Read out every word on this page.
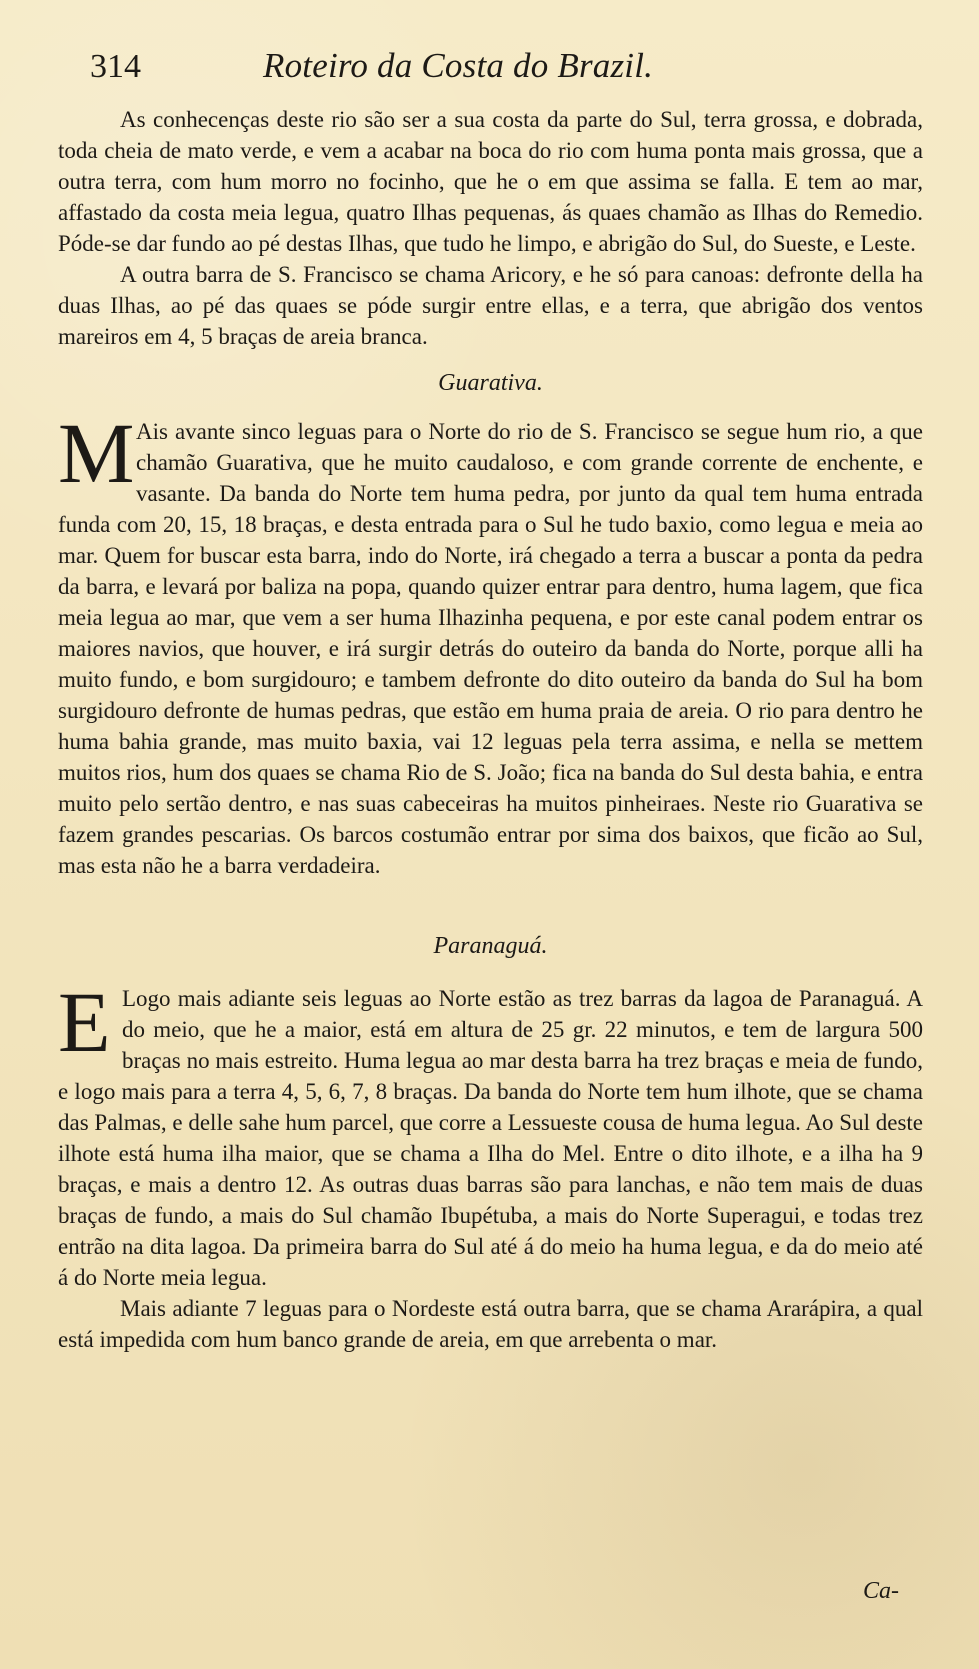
314	Roteiro da Costa do Brazil.

As conhecenças deste rio são ser a sua costa da parte do Sul, terra grossa, e dobrada, toda cheia de mato verde, e vem a acabar na boca do rio com huma ponta mais grossa, que a outra terra, com hum morro no focinho, que he o em que assima se falla. E tem ao mar, affastado da costa meia legua, quatro Ilhas pequenas, ás quaes chamão as Ilhas do Remedio. Póde-se dar fundo ao pé destas Ilhas, que tudo he limpo, e abrigão do Sul, do Sueste, e Leste.

A outra barra de S. Francisco se chama Aricory, e he só para canoas: defronte della ha duas Ilhas, ao pé das quaes se póde surgir entre ellas, e a terra, que abrigão dos ventos mareiros em 4, 5 braças de areia branca.

Guarativa.

M Ais avante sinco leguas para o Norte do rio de S. Francisco se segue hum rio, a que chamão Guarativa, que he muito caudaloso, e com grande corrente de enchente, e vasante. Da banda do Norte tem huma pedra, por junto da qual tem huma entrada funda com 20, 15, 18 braças, e desta entrada para o Sul he tudo baxio, como legua e meia ao mar. Quem for buscar esta barra, indo do Norte, irá chegado a terra a buscar a ponta da pedra da barra, e levará por baliza na popa, quando quizer entrar para dentro, huma lagem, que fica meia legua ao mar, que vem a ser huma Ilhazinha pequena, e por este canal podem entrar os maiores navios, que houver, e irá surgir detrás do outeiro da banda do Norte, porque alli ha muito fundo, e bom surgidouro; e tambem defronte do dito outeiro da banda do Sul ha bom surgidouro defronte de humas pedras, que estão em huma praia de areia. O rio para dentro he huma bahia grande, mas muito baxia, vai 12 leguas pela terra assima, e nella se mettem muitos rios, hum dos quaes se chama Rio de S. João; fica na banda do Sul desta bahia, e entra muito pelo sertão dentro, e nas suas cabeceiras ha muitos pinheiraes. Neste rio Guarativa se fazem grandes pescarias. Os barcos costumão entrar por sima dos baixos, que ficão ao Sul, mas esta não he a barra verdadeira.

Paranaguá.

E Logo mais adiante seis leguas ao Norte estão as trez barras da lagoa de Paranaguá. A do meio, que he a maior, está em altura de 25 gr. 22 minutos, e tem de largura 500 braças no mais estreito. Huma legua ao mar desta barra ha trez braças e meia de fundo, e logo mais para a terra 4, 5, 6, 7, 8 braças. Da banda do Norte tem hum ilhote, que se chama das Palmas, e delle sahe hum parcel, que corre a Lessueste cousa de huma legua. Ao Sul deste ilhote está huma ilha maior, que se chama a Ilha do Mel. Entre o dito ilhote, e a ilha ha 9 braças, e mais a dentro 12. As outras duas barras são para lanchas, e não tem mais de duas braças de fundo, a mais do Sul chamão Ibupétuba, a mais do Norte Superagui, e todas trez entrão na dita lagoa. Da primeira barra do Sul até á do meio ha huma legua, e da do meio até á do Norte meia legua.

Mais adiante 7 leguas para o Nordeste está outra barra, que se chama Ararápira, a qual está impedida com hum banco grande de areia, em que arrebenta o mar.

Ca-
